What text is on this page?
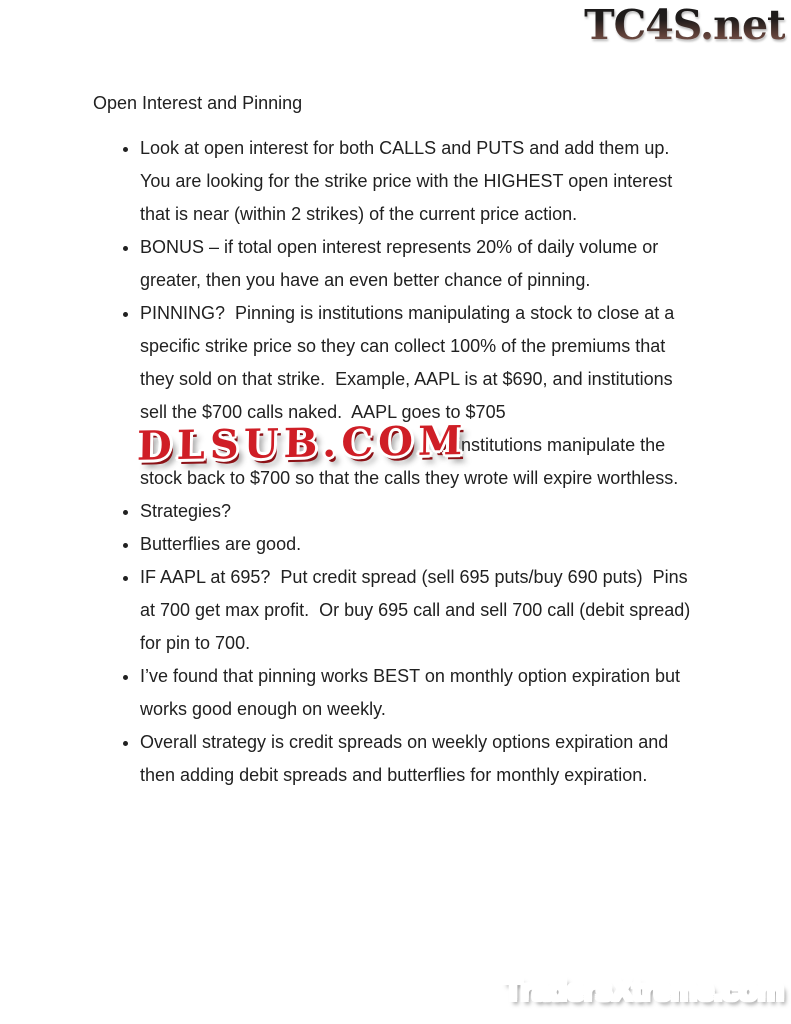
TC4S.net
Open Interest and Pinning
• Look at open interest for both CALLS and PUTS and add them up.  You are looking for the strike price with the HIGHEST open interest that is near (within 2 strikes) of the current price action.
• BONUS – if total open interest represents 20% of daily volume or greater, then you have an even better chance of pinning.
• PINNING?  Pinning is institutions manipulating a stock to close at a specific strike price so they can collect 100% of the premiums that they sold on that strike.  Example, AAPL is at $690, and institutions sell the $700 calls naked.  AAPL goes to $705
DLSUB.COM
se institutions manipulate the stock back to $700 so that the calls they wrote will expire worthless.
• Strategies?
• Butterflies are good.
• IF AAPL at 695?  Put credit spread (sell 695 puts/buy 690 puts)  Pins at 700 get max profit.  Or buy 695 call and sell 700 call (debit spread) for pin to 700.
• I’ve found that pinning works BEST on monthly option expiration but works good enough on weekly.
• Overall strategy is credit spreads on weekly options expiration and then adding debit spreads and butterflies for monthly expiration.
TradersXtreme.com
